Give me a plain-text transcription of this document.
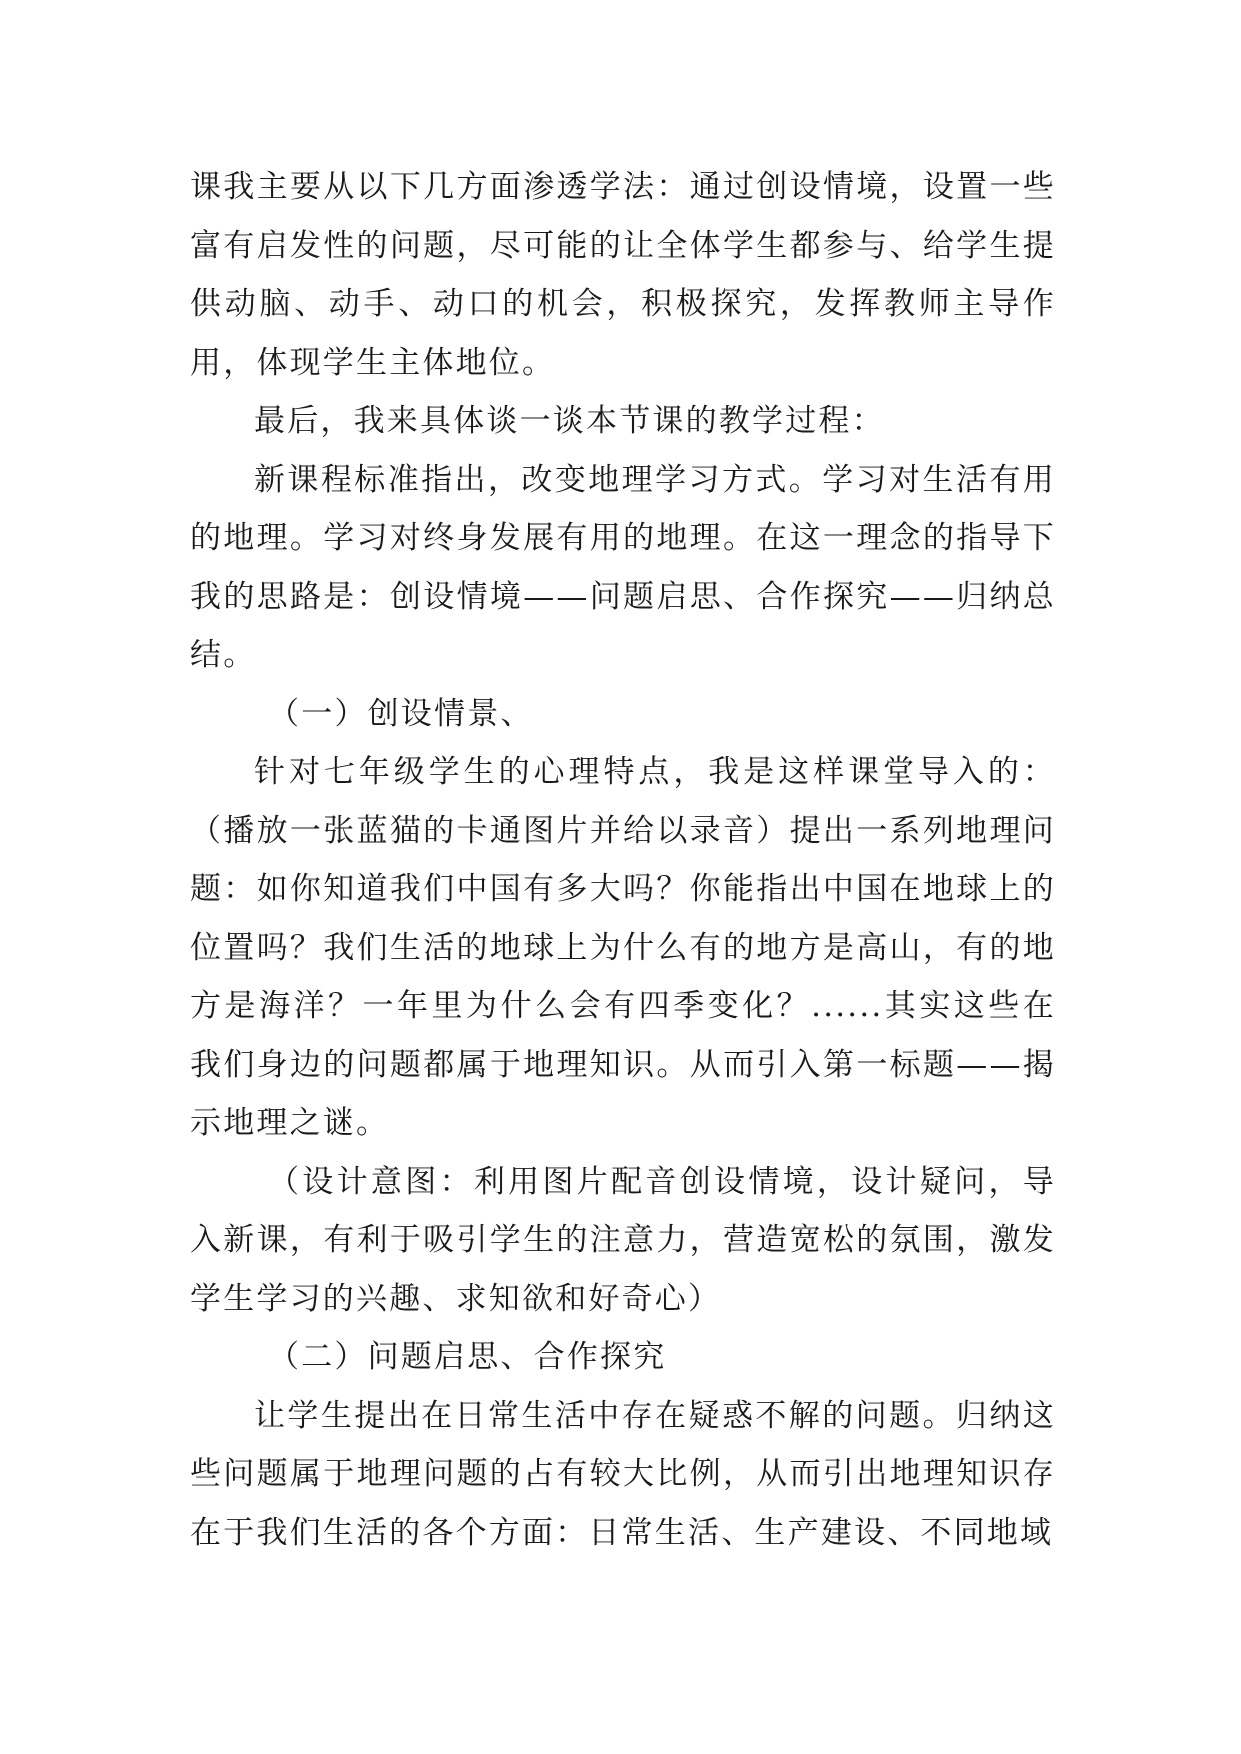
课我主要从以下几方面渗透学法：通过创设情境，设置一些富有启发性的问题，尽可能的让全体学生都参与、给学生提供动脑、动手、动口的机会，积极探究，发挥教师主导作用，体现学生主体地位。

最后，我来具体谈一谈本节课的教学过程：

新课程标准指出，改变地理学习方式。学习对生活有用的地理。学习对终身发展有用的地理。在这一理念的指导下我的思路是：创设情境——问题启思、合作探究——归纳总结。

（一）创设情景、

针对七年级学生的心理特点，我是这样课堂导入的：（播放一张蓝猫的卡通图片并给以录音）提出一系列地理问题：如你知道我们中国有多大吗？你能指出中国在地球上的位置吗？我们生活的地球上为什么有的地方是高山，有的地方是海洋？一年里为什么会有四季变化？......其实这些在我们身边的问题都属于地理知识。从而引入第一标题——揭示地理之谜。

（设计意图：利用图片配音创设情境，设计疑问，导入新课，有利于吸引学生的注意力，营造宽松的氛围，激发学生学习的兴趣、求知欲和好奇心）

（二）问题启思、合作探究

让学生提出在日常生活中存在疑惑不解的问题。归纳这些问题属于地理问题的占有较大比例，从而引出地理知识存在于我们生活的各个方面：日常生活、生产建设、不同地域
